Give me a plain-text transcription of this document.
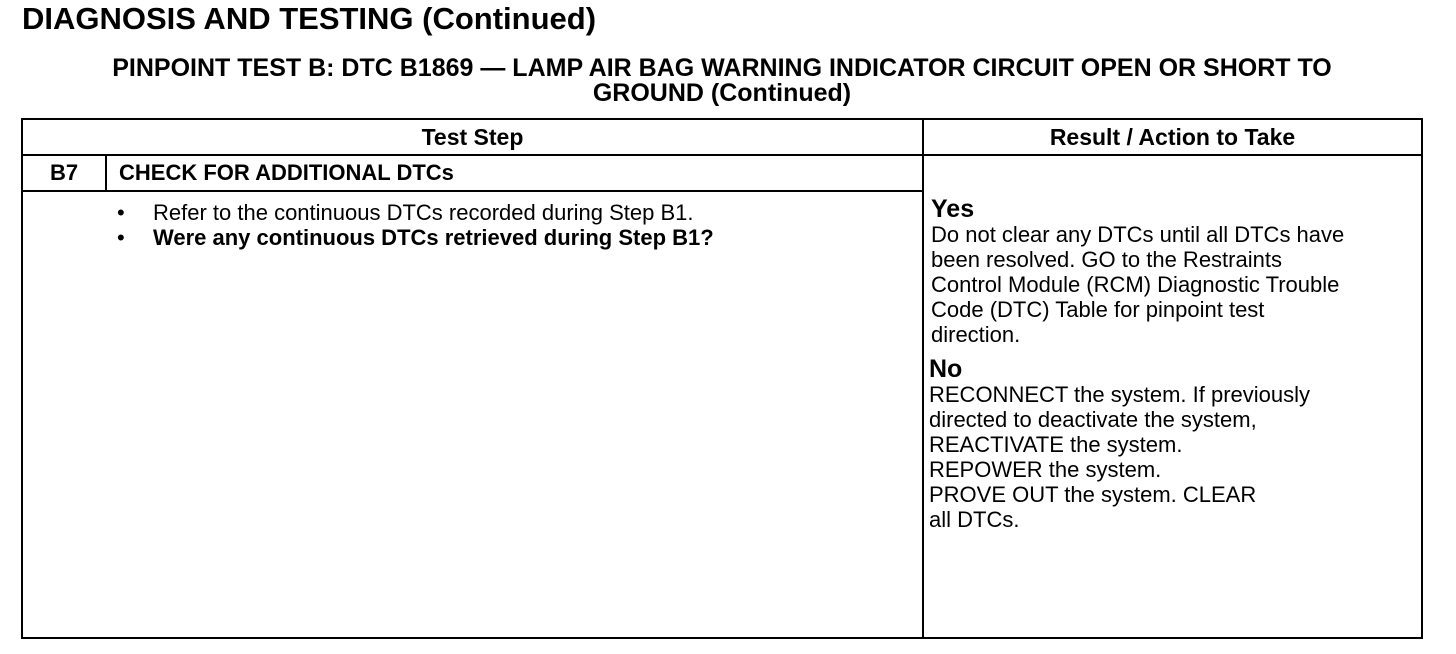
DIAGNOSIS AND TESTING (Continued)
PINPOINT TEST B: DTC B1869 — LAMP AIR BAG WARNING INDICATOR CIRCUIT OPEN OR SHORT TO
GROUND (Continued)
Test Step	Result / Action to Take
B7	CHECK FOR ADDITIONAL DTCs
• Refer to the continuous DTCs recorded during Step B1.
• Were any continuous DTCs retrieved during Step B1?
Yes
Do not clear any DTCs until all DTCs have
been resolved. GO to the Restraints
Control Module (RCM) Diagnostic Trouble
Code (DTC) Table for pinpoint test
direction.
No
RECONNECT the system. If previously
directed to deactivate the system,
REACTIVATE the system.
REPOWER the system.
PROVE OUT the system. CLEAR
all DTCs.
